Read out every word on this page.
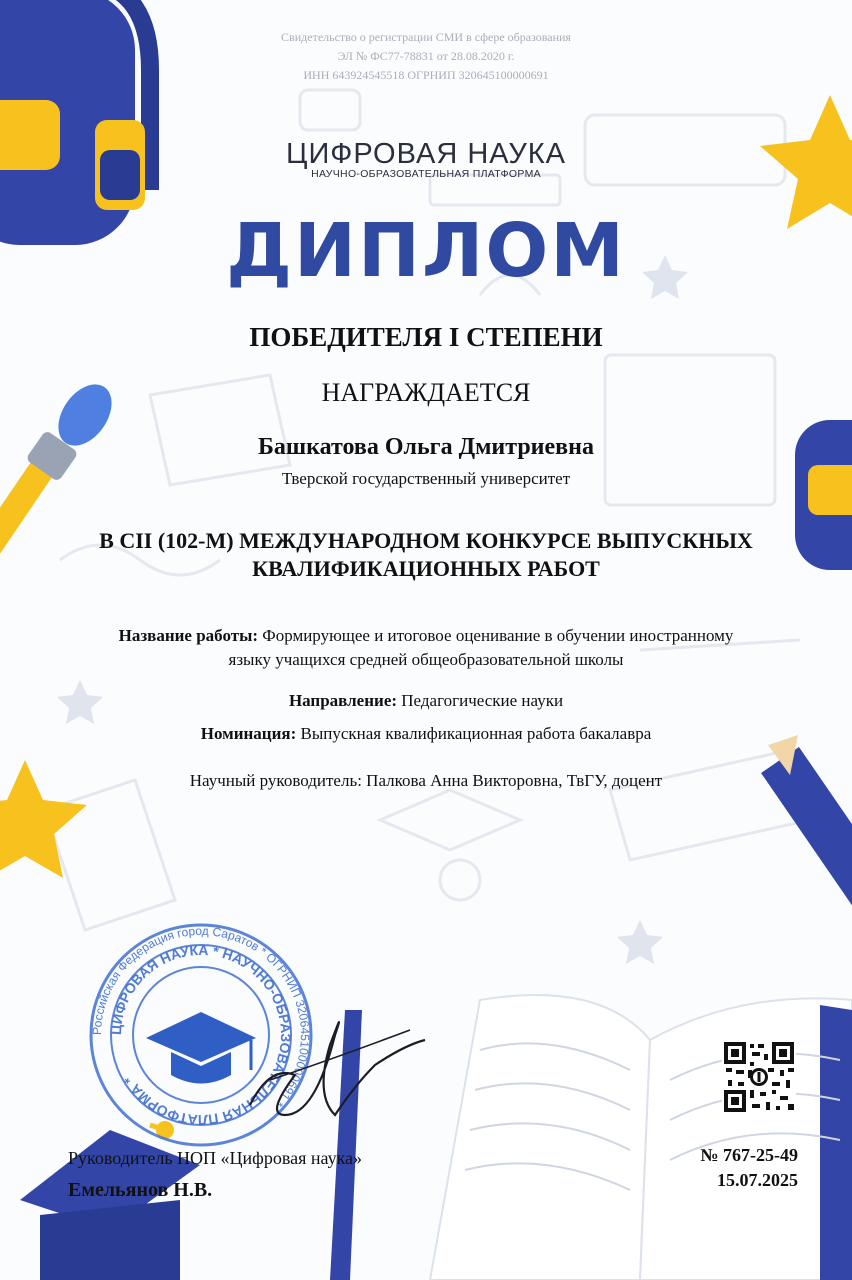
Свидетельство о регистрации СМИ в сфере образования
ЭЛ № ФС77-78831 от 28.08.2020 г.
ИНН 643924545518 ОГРНИП 320645100000691
ЦИФРОВАЯ НАУКА
НАУЧНО-ОБРАЗОВАТЕЛЬНАЯ ПЛАТФОРМА
ДИПЛОМ
ПОБЕДИТЕЛЯ I СТЕПЕНИ
НАГРАЖДАЕТСЯ
Башкатова Ольга Дмитриевна
Тверской государственный университет
В CII (102-М) МЕЖДУНАРОДНОМ КОНКУРСЕ ВЫПУСКНЫХ
КВАЛИФИКАЦИОННЫХ РАБОТ
Название работы: Формирующее и итоговое оценивание в обучении иностранному
языку учащихся средней общеобразовательной школы
Направление: Педагогические науки
Номинация: Выпускная квалификационная работа бакалавра
Научный руководитель: Палкова Анна Викторовна, ТвГУ, доцент
Российская Федерация город Саратов * ОГРНИП 320645100000691 *
ЦИФРОВАЯ НАУКА * НАУЧНО-ОБРАЗОВАТЕЛЬНАЯ ПЛАТФОРМА *
Руководитель НОП «Цифровая наука»
Емельянов Н.В.
№ 767-25-49
15.07.2025
